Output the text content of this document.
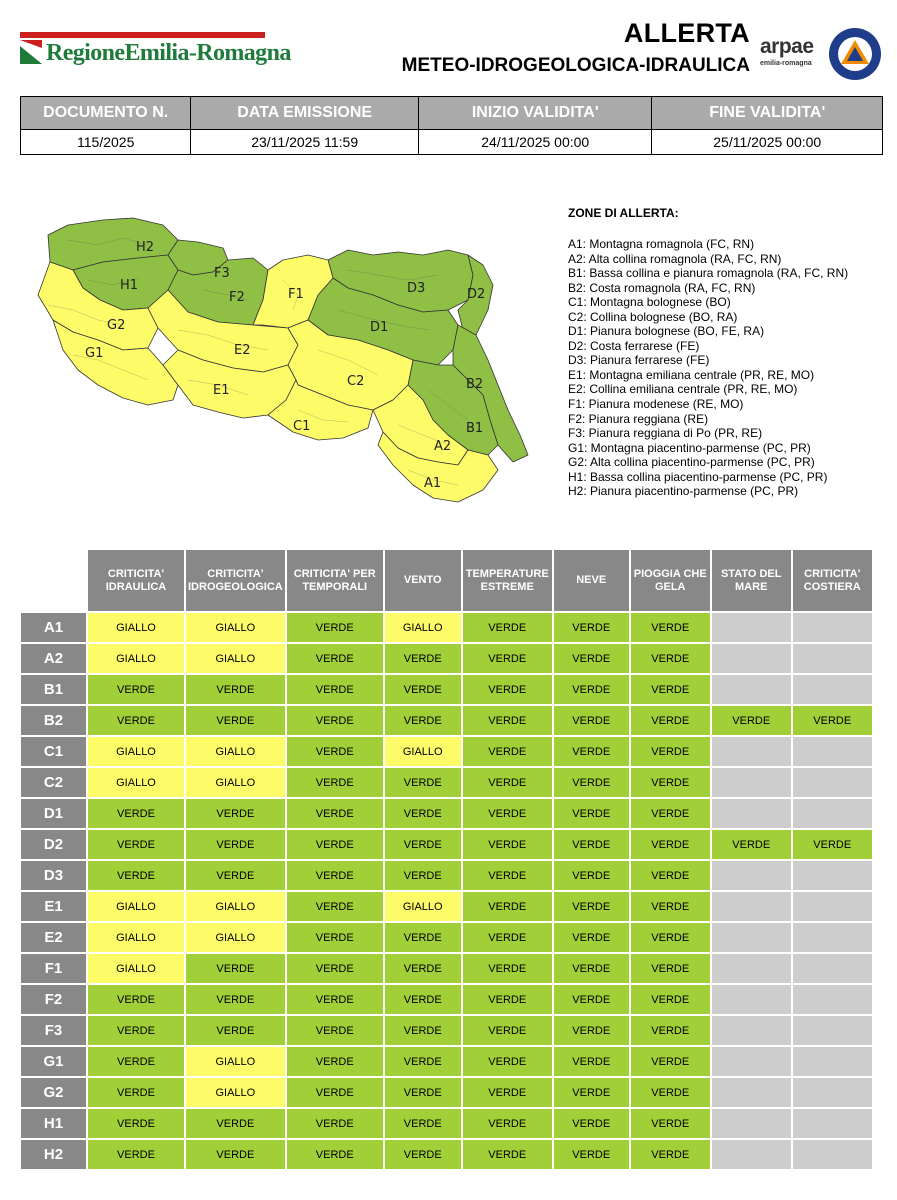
RegioneEmilia-Romagna
ALLERTA
METEO-IDROGEOLOGICA-IDRAULICA
arpae
emilia-romagna
DOCUMENTO N.	DATA EMISSIONE	INIZIO VALIDITA'	FINE VALIDITA'
115/2025	23/11/2025 11:59	24/11/2025 00:00	25/11/2025 00:00
H2
H1
F3
F2	F1
G2
G1	E2
E1
C2
C1
D1
D3	D2
B2
B1
A2
A1
ZONE DI ALLERTA:
A1: Montagna romagnola (FC, RN)
A2: Alta collina romagnola (RA, FC, RN)
B1: Bassa collina e pianura romagnola (RA, FC, RN)
B2: Costa romagnola (RA, FC, RN)
C1: Montagna bolognese (BO)
C2: Collina bolognese (BO, RA)
D1: Pianura bolognese (BO, FE, RA)
D2: Costa ferrarese (FE)
D3: Pianura ferrarese (FE)
E1: Montagna emiliana centrale (PR, RE, MO)
E2: Collina emiliana centrale (PR, RE, MO)
F1: Pianura modenese (RE, MO)
F2: Pianura reggiana (RE)
F3: Pianura reggiana di Po (PR, RE)
G1: Montagna piacentino-parmense (PC, PR)
G2: Alta collina piacentino-parmense (PC, PR)
H1: Bassa collina piacentino-parmense (PC, PR)
H2: Pianura piacentino-parmense (PC, PR)
	CRITICITA' IDRAULICA	CRITICITA' IDROGEOLOGICA	CRITICITA' PER TEMPORALI	VENTO	TEMPERATURE ESTREME	NEVE	PIOGGIA CHE GELA	STATO DEL MARE	CRITICITA' COSTIERA
A1	GIALLO	GIALLO	VERDE	GIALLO	VERDE	VERDE	VERDE		
A2	GIALLO	GIALLO	VERDE	VERDE	VERDE	VERDE	VERDE		
B1	VERDE	VERDE	VERDE	VERDE	VERDE	VERDE	VERDE		
B2	VERDE	VERDE	VERDE	VERDE	VERDE	VERDE	VERDE	VERDE	VERDE
C1	GIALLO	GIALLO	VERDE	GIALLO	VERDE	VERDE	VERDE		
C2	GIALLO	GIALLO	VERDE	VERDE	VERDE	VERDE	VERDE		
D1	VERDE	VERDE	VERDE	VERDE	VERDE	VERDE	VERDE		
D2	VERDE	VERDE	VERDE	VERDE	VERDE	VERDE	VERDE	VERDE	VERDE
D3	VERDE	VERDE	VERDE	VERDE	VERDE	VERDE	VERDE		
E1	GIALLO	GIALLO	VERDE	GIALLO	VERDE	VERDE	VERDE		
E2	GIALLO	GIALLO	VERDE	VERDE	VERDE	VERDE	VERDE		
F1	GIALLO	VERDE	VERDE	VERDE	VERDE	VERDE	VERDE		
F2	VERDE	VERDE	VERDE	VERDE	VERDE	VERDE	VERDE		
F3	VERDE	VERDE	VERDE	VERDE	VERDE	VERDE	VERDE		
G1	VERDE	GIALLO	VERDE	VERDE	VERDE	VERDE	VERDE		
G2	VERDE	GIALLO	VERDE	VERDE	VERDE	VERDE	VERDE		
H1	VERDE	VERDE	VERDE	VERDE	VERDE	VERDE	VERDE		
H2	VERDE	VERDE	VERDE	VERDE	VERDE	VERDE	VERDE		
